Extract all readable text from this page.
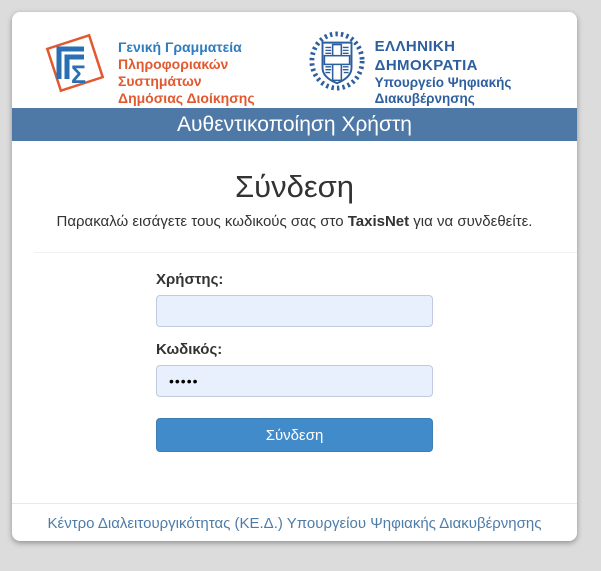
Σ
Γενική Γραμματεία
Πληροφοριακών Συστημάτων
Δημόσιας Διοίκησης
ΕΛΛΗΝΙΚΗ ΔΗΜΟΚΡΑΤΙΑ
Υπουργείο Ψηφιακής
Διακυβέρνησης
Αυθεντικοποίηση Χρήστη
Σύνδεση

Παρακαλώ εισάγετε τους κωδικούς σας στο TaxisNet για να συνδεθείτε.

Χρήστης:
Κωδικός:
Σύνδεση
Κέντρο Διαλειτουργικότητας (ΚΕ.Δ.) Υπουργείου Ψηφιακής Διακυβέρνησης
